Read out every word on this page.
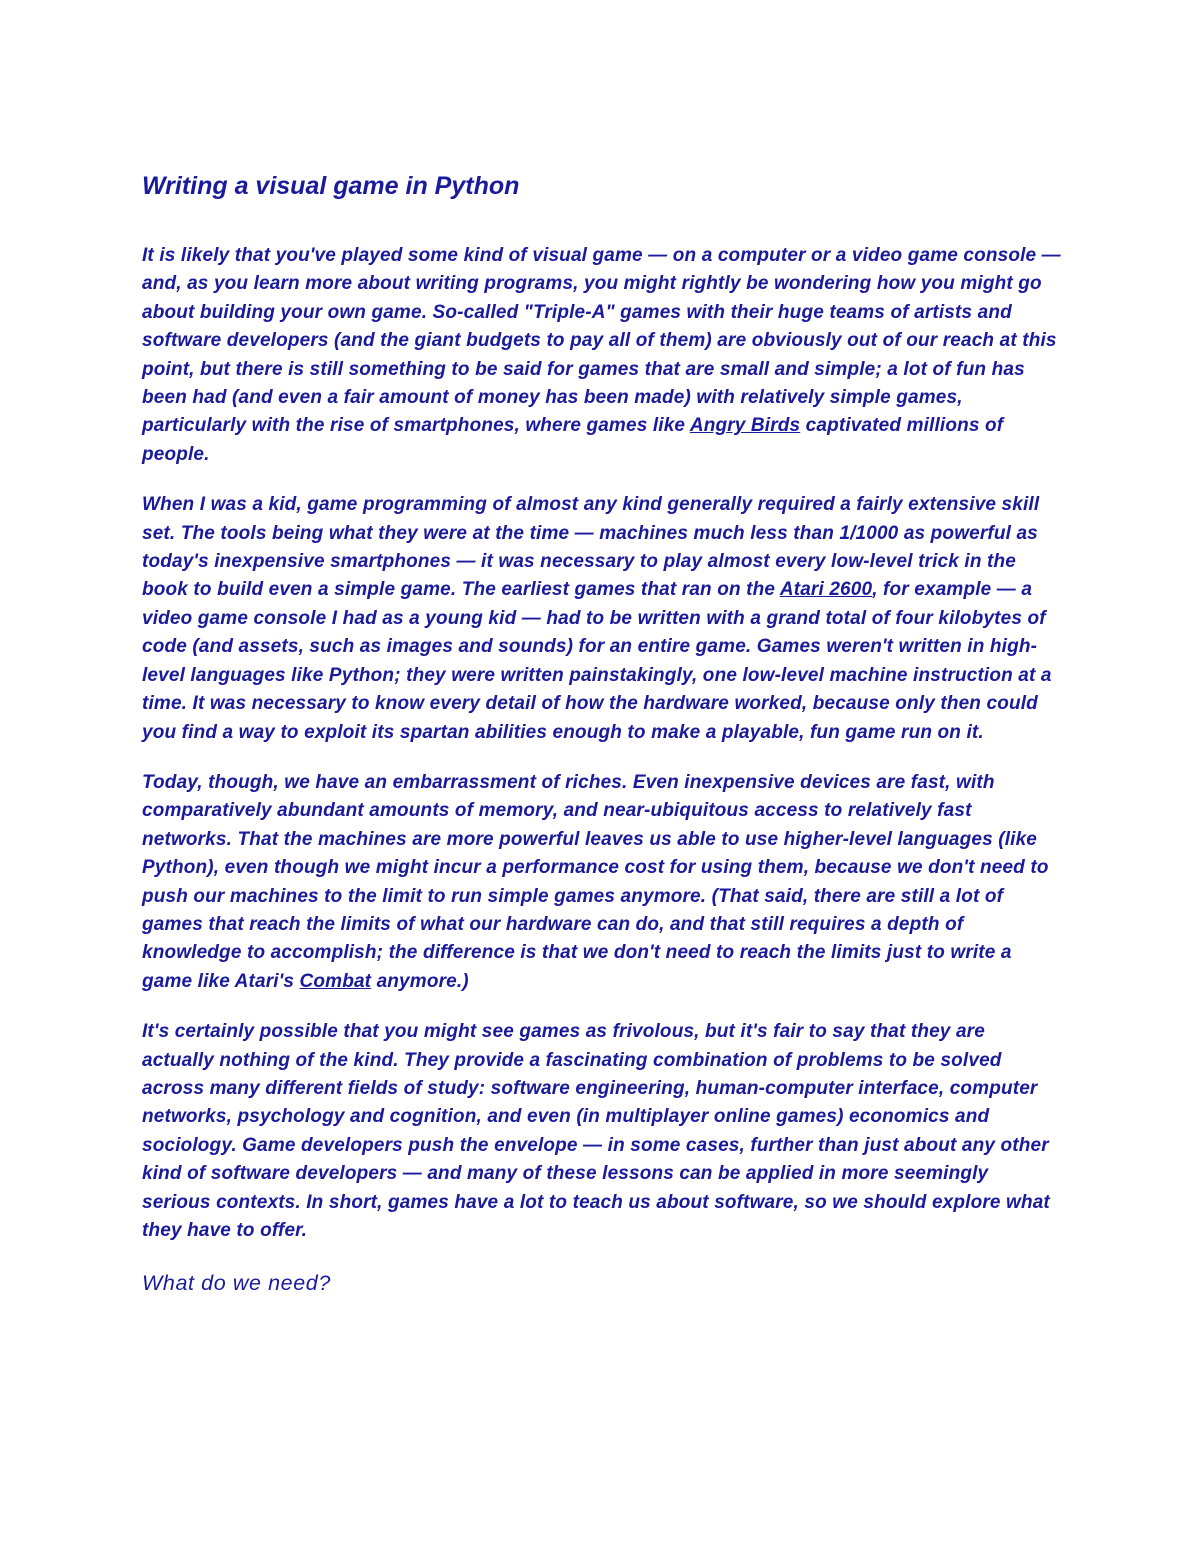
Writing a visual game in Python

It is likely that you've played some kind of visual game — on a computer or a video game console — and, as you learn more about writing programs, you might rightly be wondering how you might go about building your own game. So-called "Triple-A" games with their huge teams of artists and software developers (and the giant budgets to pay all of them) are obviously out of our reach at this point, but there is still something to be said for games that are small and simple; a lot of fun has been had (and even a fair amount of money has been made) with relatively simple games, particularly with the rise of smartphones, where games like Angry Birds captivated millions of people.

When I was a kid, game programming of almost any kind generally required a fairly extensive skill set. The tools being what they were at the time — machines much less than 1/1000 as powerful as today's inexpensive smartphones — it was necessary to play almost every low-level trick in the book to build even a simple game. The earliest games that ran on the Atari 2600, for example — a video game console I had as a young kid — had to be written with a grand total of four kilobytes of code (and assets, such as images and sounds) for an entire game. Games weren't written in high-level languages like Python; they were written painstakingly, one low-level machine instruction at a time. It was necessary to know every detail of how the hardware worked, because only then could you find a way to exploit its spartan abilities enough to make a playable, fun game run on it.

Today, though, we have an embarrassment of riches. Even inexpensive devices are fast, with comparatively abundant amounts of memory, and near-ubiquitous access to relatively fast networks. That the machines are more powerful leaves us able to use higher-level languages (like Python), even though we might incur a performance cost for using them, because we don't need to push our machines to the limit to run simple games anymore. (That said, there are still a lot of games that reach the limits of what our hardware can do, and that still requires a depth of knowledge to accomplish; the difference is that we don't need to reach the limits just to write a game like Atari's Combat anymore.)

It's certainly possible that you might see games as frivolous, but it's fair to say that they are actually nothing of the kind. They provide a fascinating combination of problems to be solved across many different fields of study: software engineering, human-computer interface, computer networks, psychology and cognition, and even (in multiplayer online games) economics and sociology. Game developers push the envelope — in some cases, further than just about any other kind of software developers — and many of these lessons can be applied in more seemingly serious contexts. In short, games have a lot to teach us about software, so we should explore what they have to offer.

What do we need?
